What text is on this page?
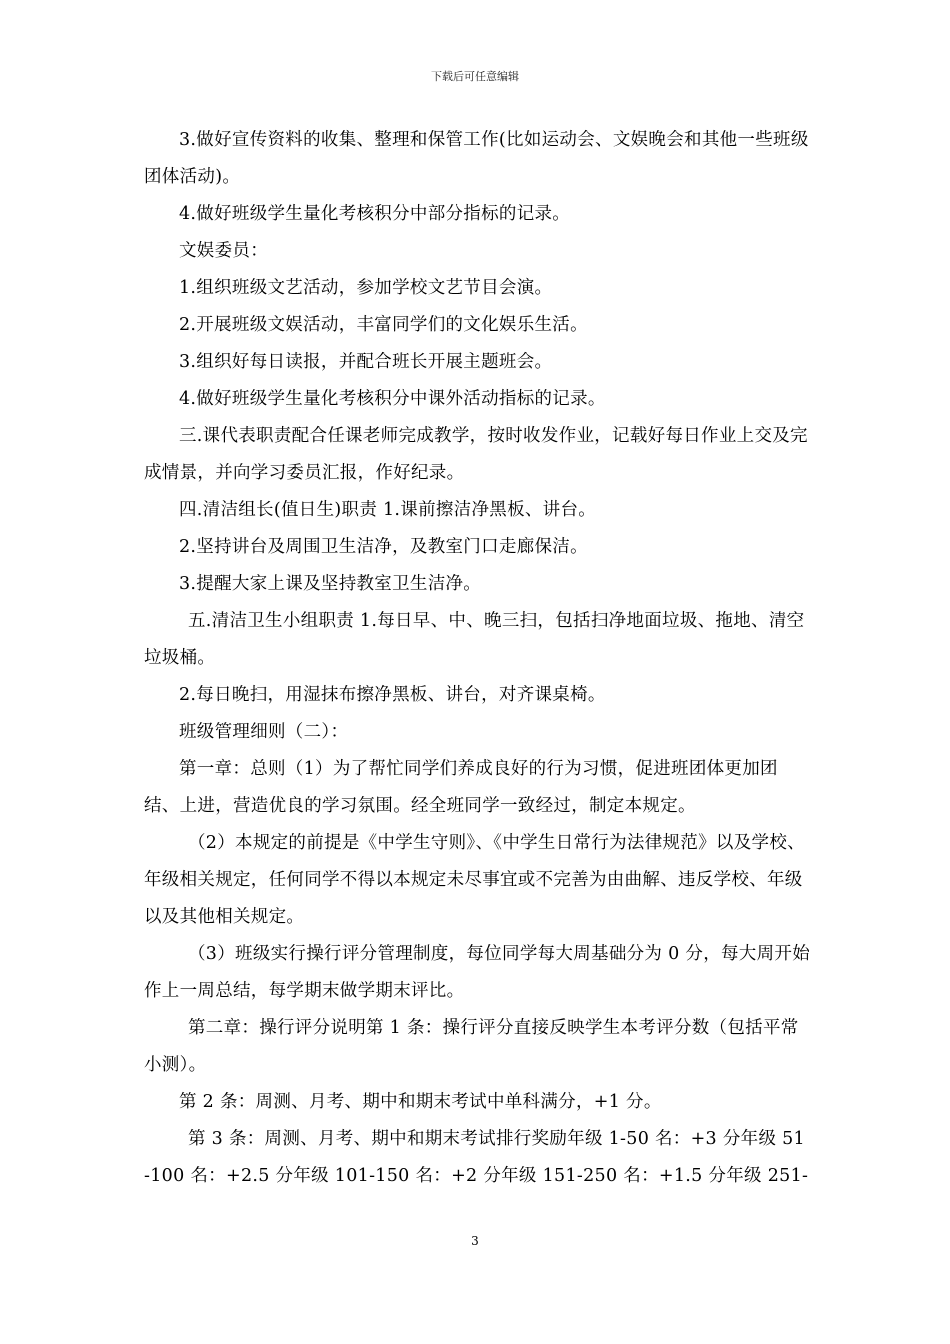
下载后可任意编辑

3.做好宣传资料的收集、整理和保管工作(比如运动会、文娱晚会和其他一些班级团体活动)。

4.做好班级学生量化考核积分中部分指标的记录。

文娱委员：

1.组织班级文艺活动，参加学校文艺节目会演。

2.开展班级文娱活动，丰富同学们的文化娱乐生活。

3.组织好每日读报，并配合班长开展主题班会。

4.做好班级学生量化考核积分中课外活动指标的记录。

三.课代表职责配合任课老师完成教学，按时收发作业，记载好每日作业上交及完成情景，并向学习委员汇报，作好纪录。

四.清洁组长(值日生)职责 1.课前擦洁净黑板、讲台。

2.坚持讲台及周围卫生洁净，及教室门口走廊保洁。

3.提醒大家上课及坚持教室卫生洁净。

五.清洁卫生小组职责 1.每日早、中、晚三扫，包括扫净地面垃圾、拖地、清空垃圾桶。

2.每日晚扫，用湿抹布擦净黑板、讲台，对齐课桌椅。

班级管理细则（二）：

第一章：总则（1）为了帮忙同学们养成良好的行为习惯，促进班团体更加团结、上进，营造优良的学习氛围。经全班同学一致经过，制定本规定。

（2）本规定的前提是《中学生守则》、《中学生日常行为法律规范》以及学校、年级相关规定，任何同学不得以本规定未尽事宜或不完善为由曲解、违反学校、年级以及其他相关规定。

（3）班级实行操行评分管理制度，每位同学每大周基础分为 0 分，每大周开始作上一周总结，每学期末做学期末评比。

第二章：操行评分说明第 1 条：操行评分直接反映学生本考评分数（包括平常小测）。

第 2 条：周测、月考、期中和期末考试中单科满分，+1 分。

第 3 条：周测、月考、期中和期末考试排行奖励年级 1-50 名：+3 分年级 51-100 名：+2.5 分年级 101-150 名：+2 分年级 151-250 名：+1.5 分年级 251-

3
